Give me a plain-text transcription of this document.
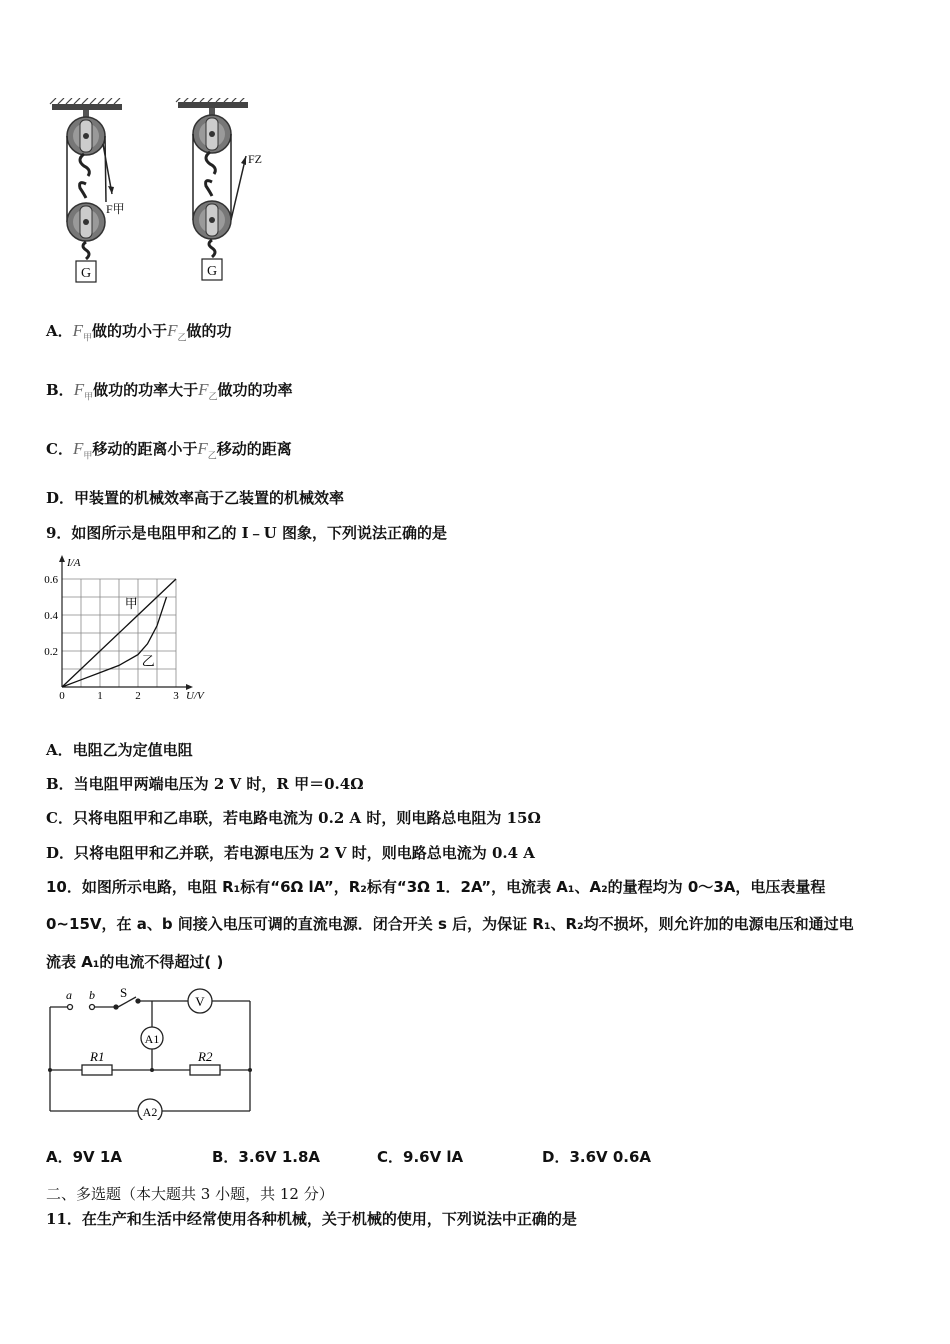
G
F甲
G
FZ
A．$F_甲$做的功小于$F_乙$做的功
B．$F_甲$做功的功率大于$F_乙$做功的功率
C．$F_甲$移动的距离小于$F_乙$移动的距离
D．甲装置的机械效率高于乙装置的机械效率
9．如图所示是电阻甲和乙的 I﹣U 图象，下列说法正确的是
0	1	2	3
0.2
0.4
0.6
I/A
U/V
甲
乙
A．电阻乙为定值电阻
B．当电阻甲两端电压为 2 V 时，R 甲＝0.4Ω
C．只将电阻甲和乙串联，若电路电流为 0.2 A 时，则电路总电阻为 15Ω
D．只将电阻甲和乙并联，若电源电压为 2 V 时，则电路总电流为 0.4 A
10．如图所示电路，电阻 R₁标有“6Ω lA”，R₂标有“3Ω 1．2A”，电流表 A₁、A₂的量程均为 0～3A，电压表量程
0~15V，在 a、b 间接入电压可调的直流电源．闭合开关 s 后，为保证 R₁、R₂均不损坏，则允许加的电源电压和通过电
流表 A₁的电流不得超过( )
a b S
V
A1
A2
R1	R2
A．9V 1A	B．3.6V 1.8A	C．9.6V lA	D．3.6V 0.6A
二、多选题（本大题共 3 小题，共 12 分）
11．在生产和生活中经常使用各种机械，关于机械的使用，下列说法中正确的是
